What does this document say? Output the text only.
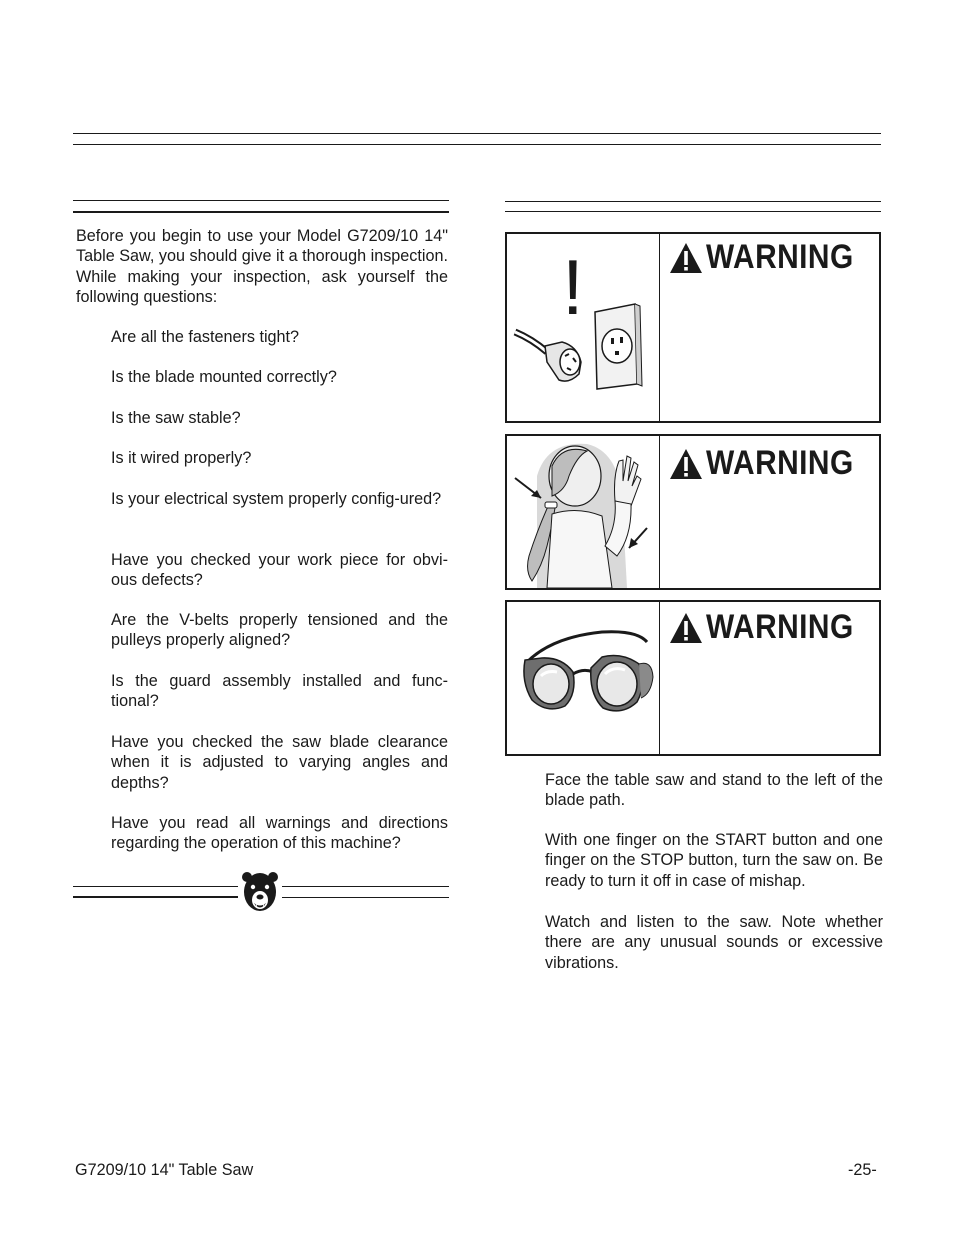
Before you begin to use your Model G7209/10 14" Table Saw, you should give it a thorough inspection. While making your inspection, ask yourself the following questions:
Are all the fasteners tight?
Is the blade mounted correctly?
Is the saw stable?
Is it wired properly?
Is your electrical system properly config-ured?
Have you checked your work piece for obvi-ous defects?
Are the V-belts properly tensioned and the pulleys properly aligned?
Is the guard assembly installed and func-tional?
Have you checked the saw blade clearance when it is adjusted to varying angles and depths?
Have you read all warnings and directions regarding the operation of this machine?
!	WARNING
WARNING
WARNING
Face the table saw and stand to the left of the blade path.
With one finger on the START button and one finger on the STOP button, turn the saw on. Be ready to turn it off in case of mishap.
Watch and listen to the saw. Note whether there are any unusual sounds or excessive vibrations.
G7209/10 14" Table Saw	-25-
